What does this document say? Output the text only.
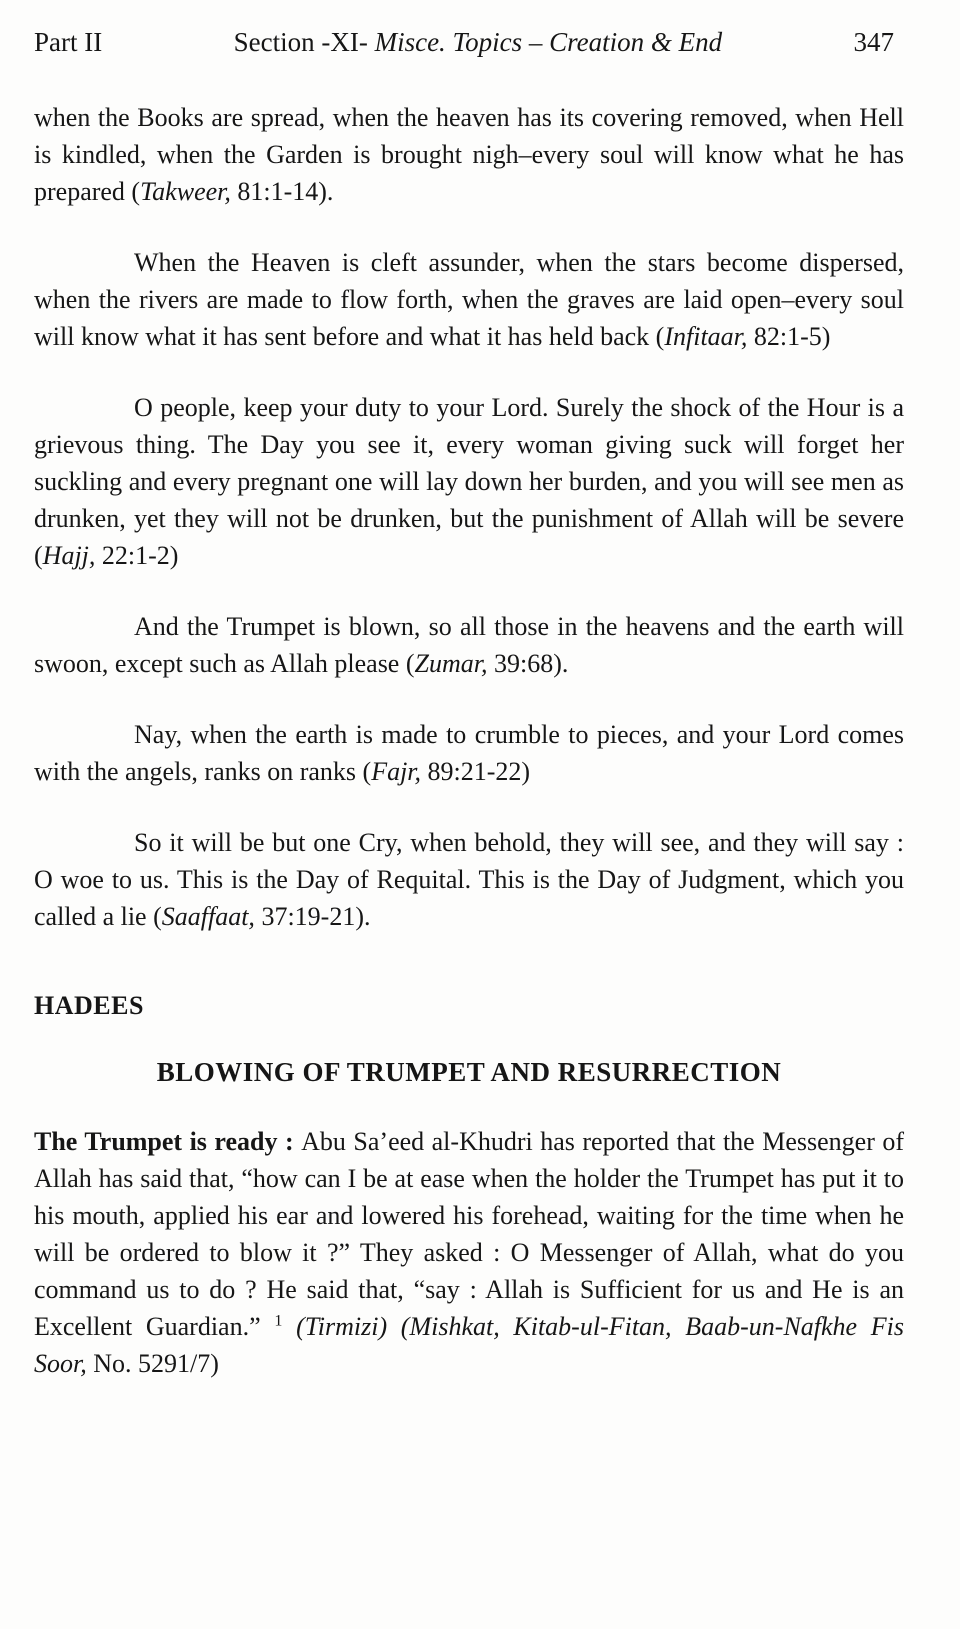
Part II	Section -XI- Misce. Topics – Creation & End	347

when the Books are spread, when the heaven has its covering removed, when Hell is kindled, when the Garden is brought nigh–every soul will know what he has prepared (Takweer, 81:1-14).

When the Heaven is cleft assunder, when the stars become dispersed, when the rivers are made to flow forth, when the graves are laid open–every soul will know what it has sent before and what it has held back (Infitaar, 82:1-5)

O people, keep your duty to your Lord. Surely the shock of the Hour is a grievous thing. The Day you see it, every woman giving suck will forget her suckling and every pregnant one will lay down her burden, and you will see men as drunken, yet they will not be drunken, but the punishment of Allah will be severe (Hajj, 22:1-2)

And the Trumpet is blown, so all those in the heavens and the earth will swoon, except such as Allah please (Zumar, 39:68).

Nay, when the earth is made to crumble to pieces, and your Lord comes with the angels, ranks on ranks (Fajr, 89:21-22)

So it will be but one Cry, when behold, they will see, and they will say : O woe to us. This is the Day of Requital. This is the Day of Judgment, which you called a lie (Saaffaat, 37:19-21).

HADEES
BLOWING OF TRUMPET AND RESURRECTION

The Trumpet is ready : Abu Sa’eed al-Khudri has reported that the Messenger of Allah has said that, “how can I be at ease when the holder the Trumpet has put it to his mouth, applied his ear and lowered his forehead, waiting for the time when he will be ordered to blow it ?” They asked : O Messenger of Allah, what do you command us to do ? He said that, “say : Allah is Sufficient for us and He is an Excellent Guardian.” $^1$ (Tirmizi) (Mishkat, Kitab-ul-Fitan, Baab-un-Nafkhe Fis Soor, No. 5291/7)
